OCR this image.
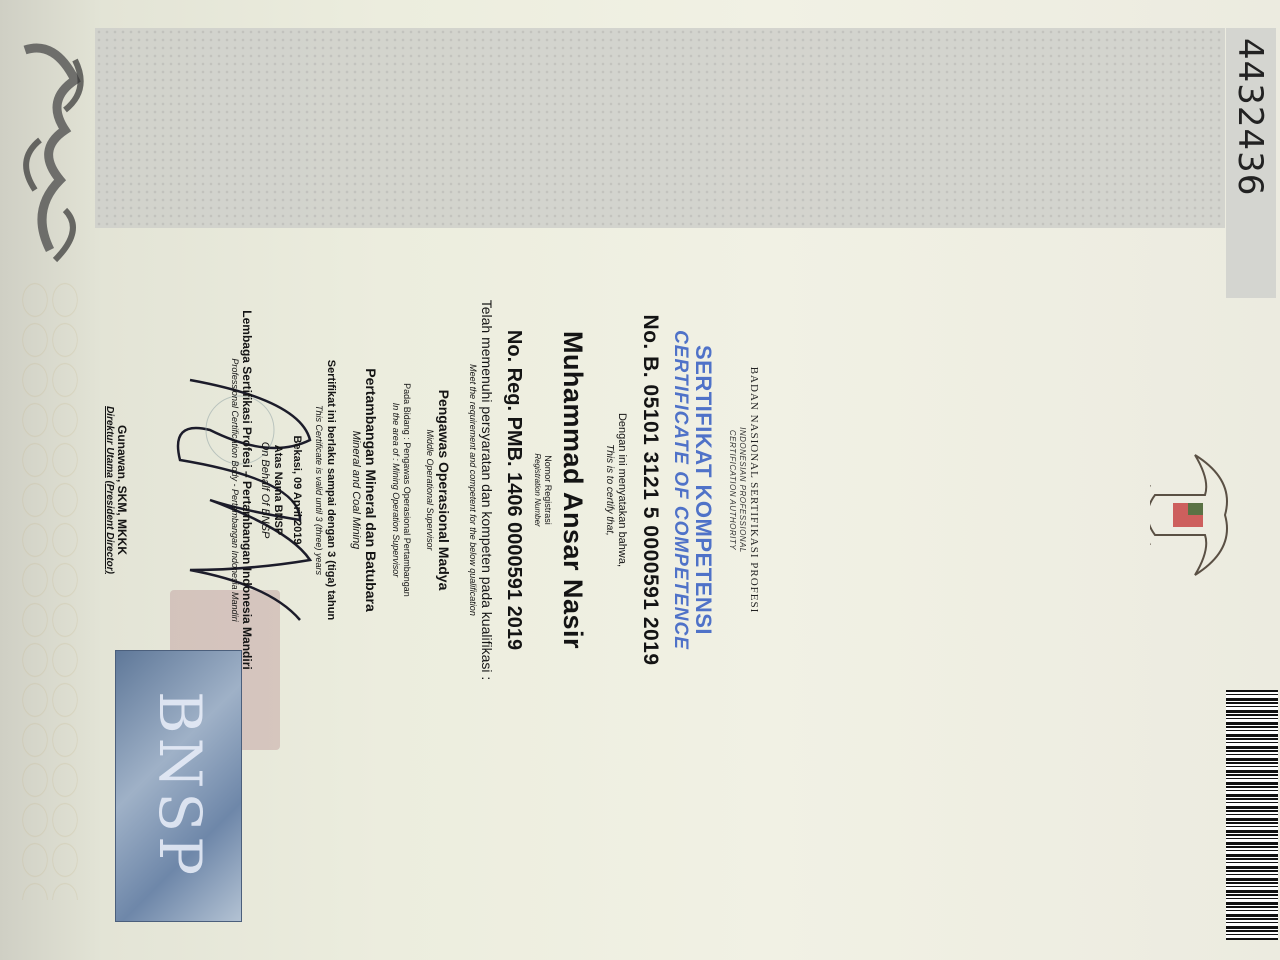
4432436
BNSP

BADAN NASIONAL SERTIFIKASI PROFESI

INDONESIAN PROFESSIONAL

CERTIFICATION AUTHORITY

SERTIFIKAT KOMPETENSI

CERTIFICATE OF COMPETENCE

No. B. 05101 3121 5 0000591 2019

Dengan ini menyatakan bahwa,

This is to certify that,

Muhammad Ansar Nasir

Nomor Registrasi

Registration Number

No. Reg. PMB. 1406 0000591 2019

Telah memenuhi persyaratan dan kompeten pada kualifikasi :

Meet the requirement and competent for the below qualification

Pengawas Operasional Madya

Middle Operational Supervisor

Pada Bidang : Pengawas Operasional Pertambangan

In the area of : Mining Operation Supervisor

Pertambangan Mineral dan Batubara

Mineral and Coal Mining

Sertifikat ini berlaku sampai dengan 3 (tiga) tahun

This Certificate is valid until 3 (three) years

Bekasi, 09 April 2019

Atas Nama BNSP

On Behalf Of BNSP

Lembaga Sertifikasi Profesi – Pertambangan Indonesia Mandiri

Professional Certification Body - Pertambangan Indonesia Mandiri

Gunawan, SKM, MKKK

Direktur Utama (President Director)
